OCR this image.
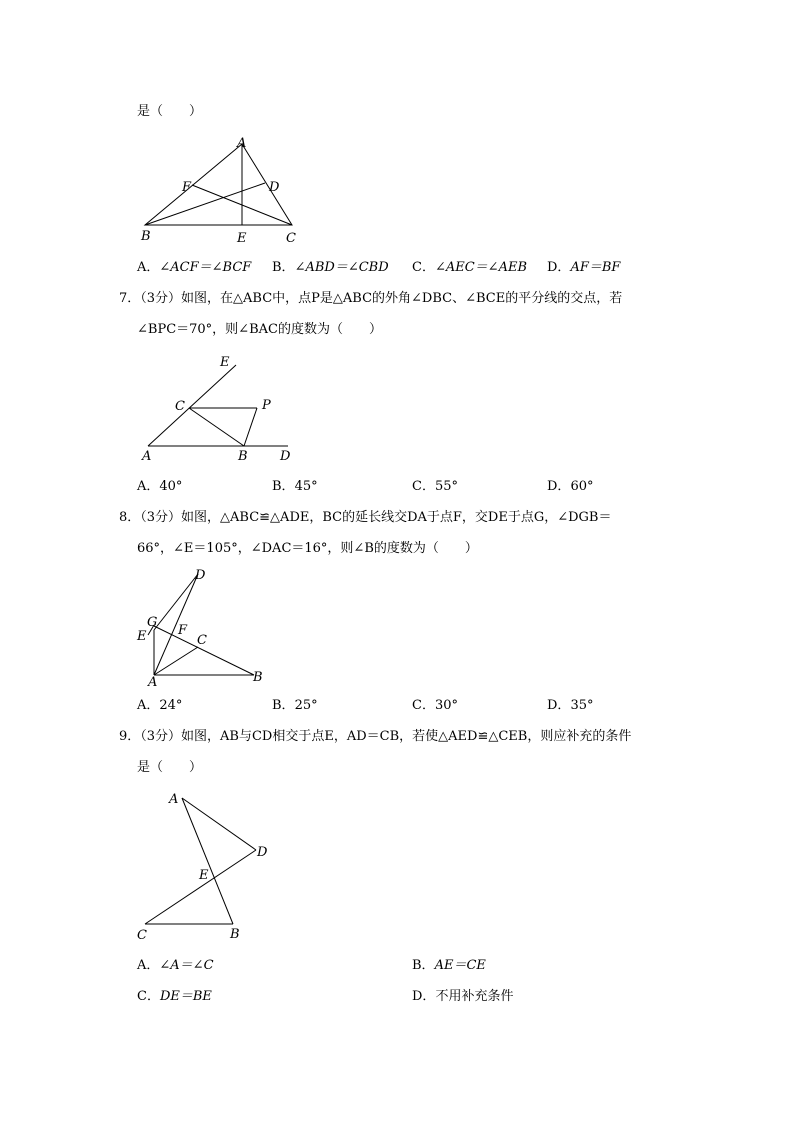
是（　　）
A
F	D
B	E	C
A．∠ACF＝∠BCF B．∠ABD＝∠CBD C．∠AEC＝∠AEB D．AF＝BF
7．（3分）如图，在△ABC中，点P是△ABC的外角∠DBC、∠BCE的平分线的交点，若
∠BPC＝70°，则∠BAC的度数为（　　）
E
C	P
A	B D
A．40°	B．45°	C．55°	D．60°
8．（3分）如图，△ABC≌△ADE，BC的延长线交DA于点F，交DE于点G，∠DGB＝
66°，∠E＝105°，∠DAC＝16°，则∠B的度数为（　　）
D
G
E F
C
A	B
A．24°	B．25°	C．30°	D．35°
9．（3分）如图，AB与CD相交于点E，AD＝CB，若使△AED≌△CEB，则应补充的条件
是（　　）
A
D
E
C	B
A．∠A＝∠C	B．AE＝CE
C．DE＝BE	D．不用补充条件
